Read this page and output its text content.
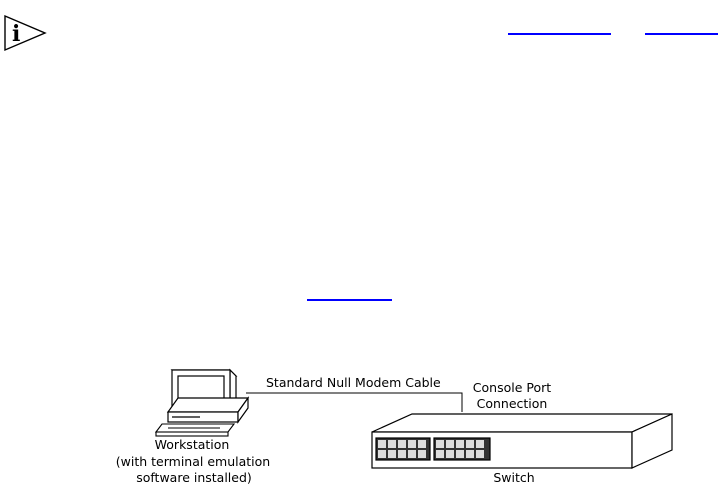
i
Standard Null Modem Cable	Console Port
Connection
Workstation
(with terminal emulation
software installed)	Switch
